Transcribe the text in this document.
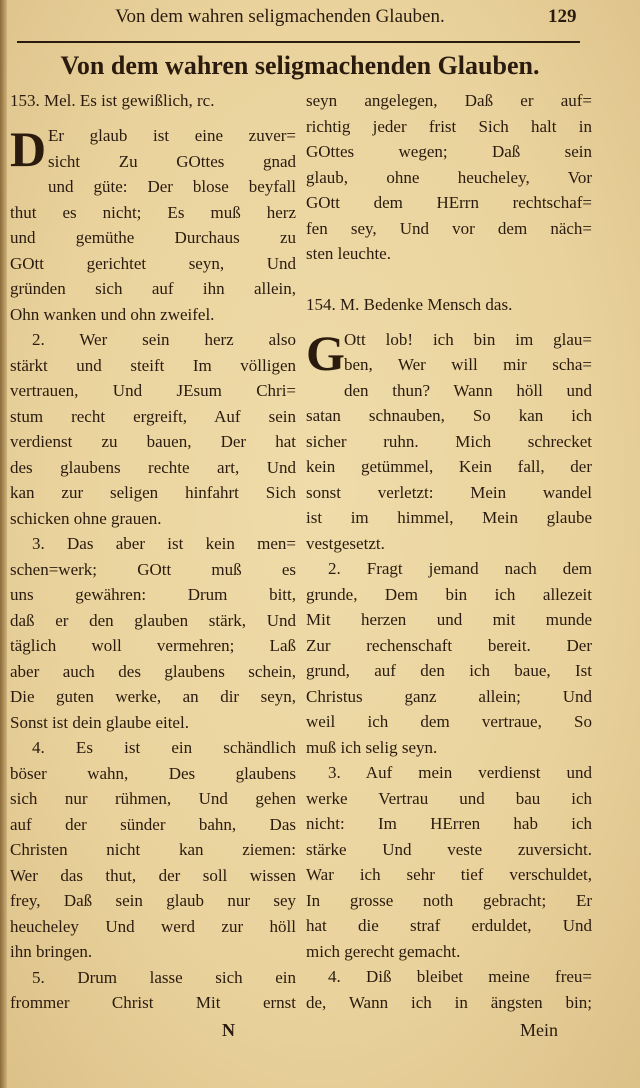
Von dem wahren seligmachenden Glauben.	129
Von dem wahren seligmachenden Glauben.
153. Mel. Es ist gewißlich, rc.
D Er glaub ist eine zuver=
sicht Zu GOttes gnad
und güte: Der blose beyfall
thut es nicht; Es muß herz
und gemüthe Durchaus zu
GOtt gerichtet seyn, Und
gründen sich auf ihn allein,
Ohn wanken und ohn zweifel.
2. Wer sein herz also
stärkt und steift Im völligen
vertrauen, Und JEsum Chri=
stum recht ergreift, Auf sein
verdienst zu bauen, Der hat
des glaubens rechte art, Und
kan zur seligen hinfahrt Sich
schicken ohne grauen.
3. Das aber ist kein men=
schen=werk; GOtt muß es
uns gewähren: Drum bitt,
daß er den glauben stärk, Und
täglich woll vermehren; Laß
aber auch des glaubens schein,
Die guten werke, an dir seyn,
Sonst ist dein glaube eitel.
4. Es ist ein schändlich
böser wahn, Des glaubens
sich nur rühmen, Und gehen
auf der sünder bahn, Das
Christen nicht kan ziemen:
Wer das thut, der soll wissen
frey, Daß sein glaub nur sey
heucheley Und werd zur höll
ihn bringen.
5. Drum lasse sich ein
frommer Christ Mit ernst
seyn angelegen, Daß er auf=
richtig jeder frist Sich halt in
GOttes wegen; Daß sein
glaub, ohne heucheley, Vor
GOtt dem HErrn rechtschaf=
fen sey, Und vor dem näch=
sten leuchte.
154. M. Bedenke Mensch das.
G Ott lob! ich bin im glau=
ben, Wer will mir scha=
den thun? Wann höll und
satan schnauben, So kan ich
sicher ruhn. Mich schrecket
kein getümmel, Kein fall, der
sonst verletzt: Mein wandel
ist im himmel, Mein glaube
vestgesetzt.
2. Fragt jemand nach dem
grunde, Dem bin ich allezeit
Mit herzen und mit munde
Zur rechenschaft bereit. Der
grund, auf den ich baue, Ist
Christus ganz allein; Und
weil ich dem vertraue, So
muß ich selig seyn.
3. Auf mein verdienst und
werke Vertrau und bau ich
nicht: Im HErren hab ich
stärke Und veste zuversicht.
War ich sehr tief verschuldet,
In grosse noth gebracht; Er
hat die straf erduldet, Und
mich gerecht gemacht.
4. Diß bleibet meine freu=
de, Wann ich in ängsten bin;
N	Mein
